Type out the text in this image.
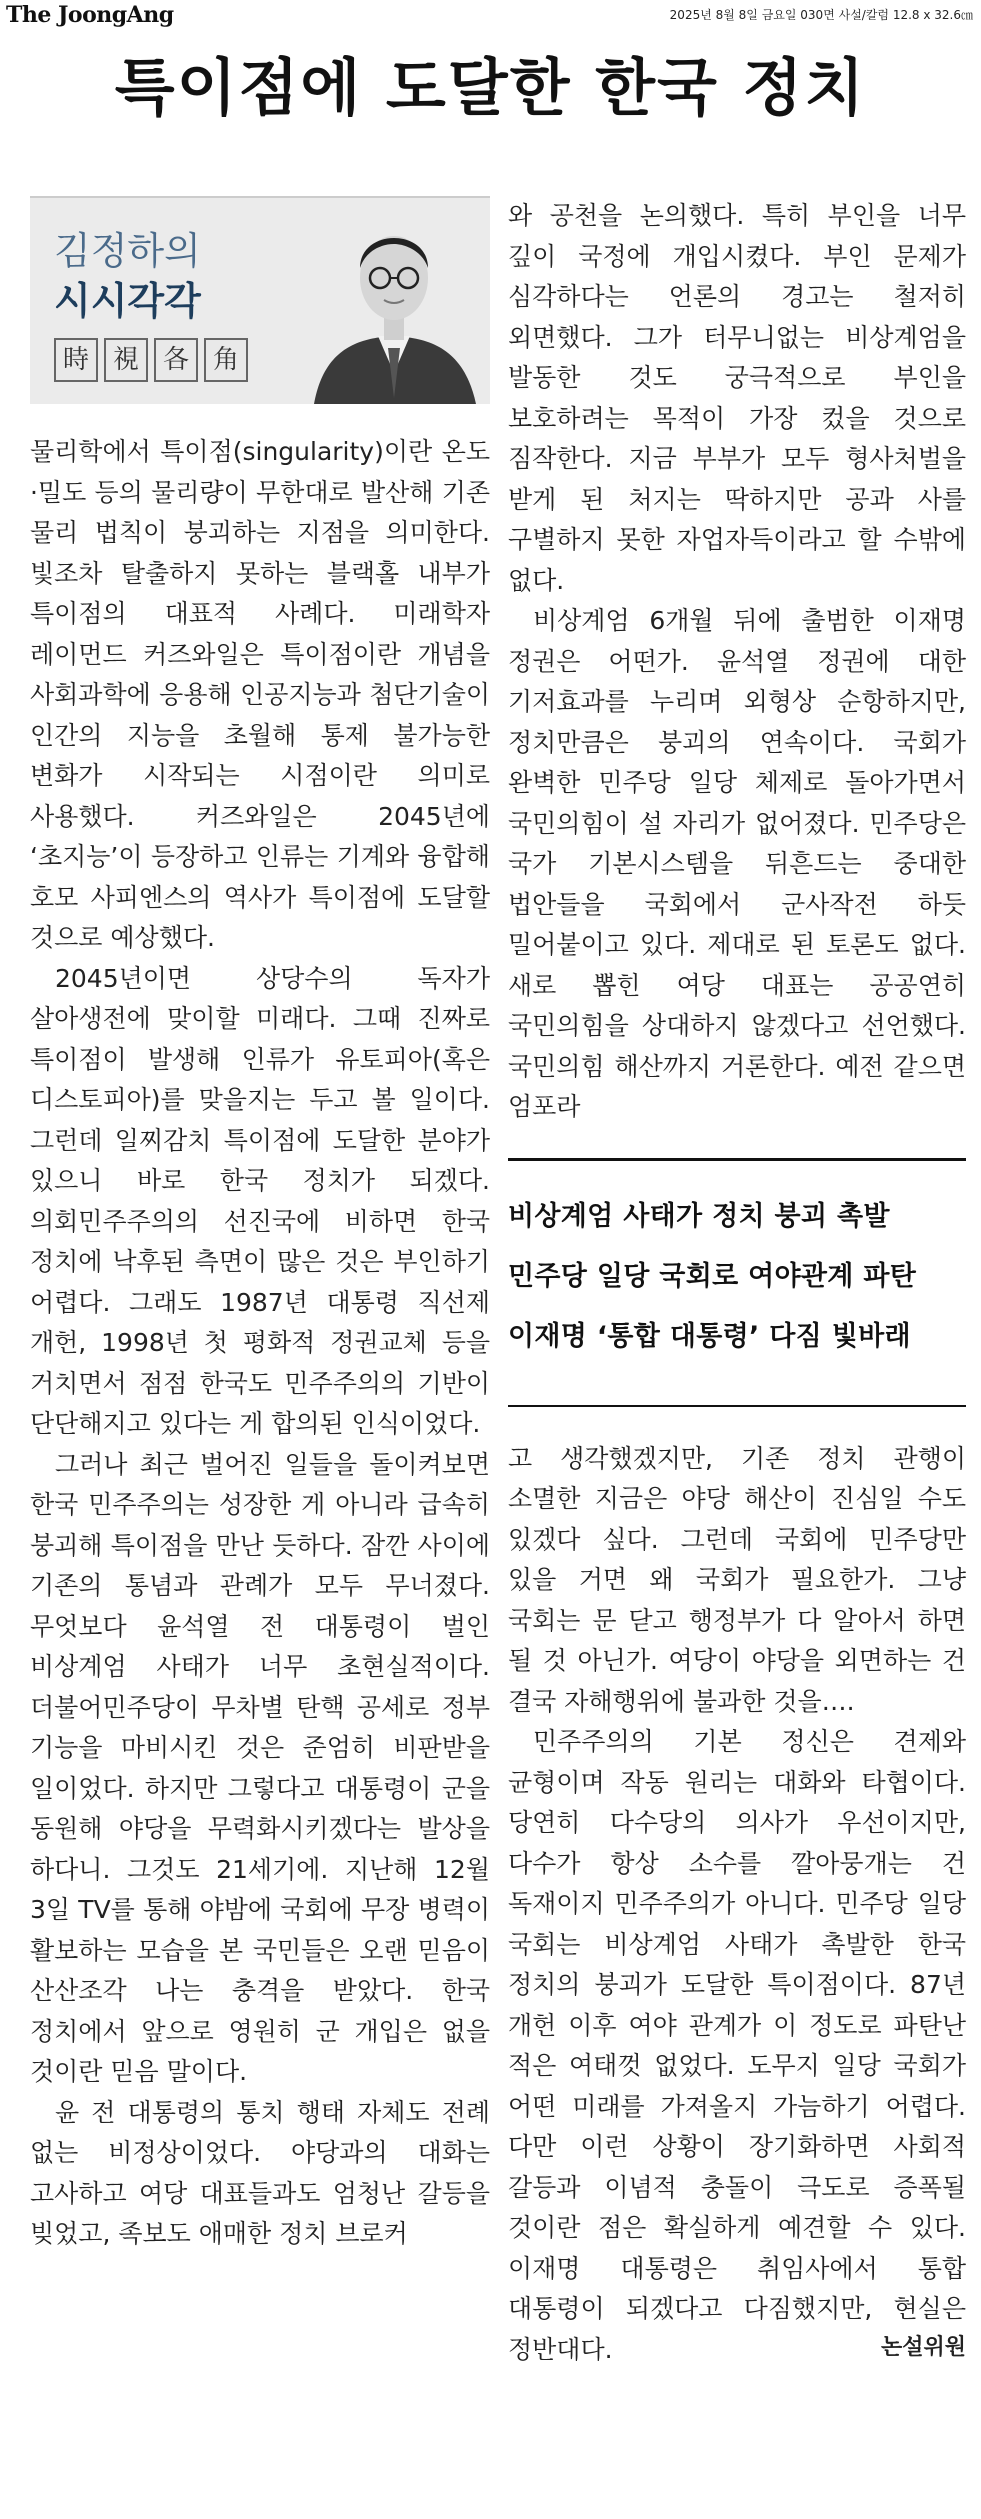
The JoongAng	2025년 8월 8일 금요일 030면 사설/칼럼 12.8 x 32.6㎝
특이점에 도달한 한국 정치
김정하의
시시각각
時 視 各 角

물리학에서 특이점(singularity)이란 온도·밀도 등의 물리량이 무한대로 발산해 기존 물리 법칙이 붕괴하는 지점을 의미한다. 빛조차 탈출하지 못하는 블랙홀 내부가 특이점의 대표적 사례다. 미래학자 레이먼드 커즈와일은 특이점이란 개념을 사회과학에 응용해 인공지능과 첨단기술이 인간의 지능을 초월해 통제 불가능한 변화가 시작되는 시점이란 의미로 사용했다. 커즈와일은 2045년에 ‘초지능’이 등장하고 인류는 기계와 융합해 호모 사피엔스의 역사가 특이점에 도달할 것으로 예상했다.

2045년이면 상당수의 독자가 살아생전에 맞이할 미래다. 그때 진짜로 특이점이 발생해 인류가 유토피아(혹은 디스토피아)를 맞을지는 두고 볼 일이다. 그런데 일찌감치 특이점에 도달한 분야가 있으니 바로 한국 정치가 되겠다. 의회민주주의의 선진국에 비하면 한국 정치에 낙후된 측면이 많은 것은 부인하기 어렵다. 그래도 1987년 대통령 직선제 개헌, 1998년 첫 평화적 정권교체 등을 거치면서 점점 한국도 민주주의의 기반이 단단해지고 있다는 게 합의된 인식이었다.

그러나 최근 벌어진 일들을 돌이켜보면 한국 민주주의는 성장한 게 아니라 급속히 붕괴해 특이점을 만난 듯하다. 잠깐 사이에 기존의 통념과 관례가 모두 무너졌다. 무엇보다 윤석열 전 대통령이 벌인 비상계엄 사태가 너무 초현실적이다. 더불어민주당이 무차별 탄핵 공세로 정부 기능을 마비시킨 것은 준엄히 비판받을 일이었다. 하지만 그렇다고 대통령이 군을 동원해 야당을 무력화시키겠다는 발상을 하다니. 그것도 21세기에. 지난해 12월 3일 TV를 통해 야밤에 국회에 무장 병력이 활보하는 모습을 본 국민들은 오랜 믿음이 산산조각 나는 충격을 받았다. 한국 정치에서 앞으로 영원히 군 개입은 없을 것이란 믿음 말이다.

윤 전 대통령의 통치 행태 자체도 전례 없는 비정상이었다. 야당과의 대화는 고사하고 여당 대표들과도 엄청난 갈등을 빚었고, 족보도 애매한 정치 브로커

와 공천을 논의했다. 특히 부인을 너무 깊이 국정에 개입시켰다. 부인 문제가 심각하다는 언론의 경고는 철저히 외면했다. 그가 터무니없는 비상계엄을 발동한 것도 궁극적으로 부인을 보호하려는 목적이 가장 컸을 것으로 짐작한다. 지금 부부가 모두 형사처벌을 받게 된 처지는 딱하지만 공과 사를 구별하지 못한 자업자득이라고 할 수밖에 없다.

비상계엄 6개월 뒤에 출범한 이재명 정권은 어떤가. 윤석열 정권에 대한 기저효과를 누리며 외형상 순항하지만, 정치만큼은 붕괴의 연속이다. 국회가 완벽한 민주당 일당 체제로 돌아가면서 국민의힘이 설 자리가 없어졌다. 민주당은 국가 기본시스템을 뒤흔드는 중대한 법안들을 국회에서 군사작전 하듯 밀어붙이고 있다. 제대로 된 토론도 없다. 새로 뽑힌 여당 대표는 공공연히 국민의힘을 상대하지 않겠다고 선언했다. 국민의힘 해산까지 거론한다. 예전 같으면 엄포라

비상계엄 사태가 정치 붕괴 촉발
민주당 일당 국회로 여야관계 파탄
이재명 ‘통합 대통령’ 다짐 빛바래

고 생각했겠지만, 기존 정치 관행이 소멸한 지금은 야당 해산이 진심일 수도 있겠다 싶다. 그런데 국회에 민주당만 있을 거면 왜 국회가 필요한가. 그냥 국회는 문 닫고 행정부가 다 알아서 하면 될 것 아닌가. 여당이 야당을 외면하는 건 결국 자해행위에 불과한 것을….

민주주의의 기본 정신은 견제와 균형이며 작동 원리는 대화와 타협이다. 당연히 다수당의 의사가 우선이지만, 다수가 항상 소수를 깔아뭉개는 건 독재이지 민주주의가 아니다. 민주당 일당 국회는 비상계엄 사태가 촉발한 한국 정치의 붕괴가 도달한 특이점이다. 87년 개헌 이후 여야 관계가 이 정도로 파탄난 적은 여태껏 없었다. 도무지 일당 국회가 어떤 미래를 가져올지 가늠하기 어렵다. 다만 이런 상황이 장기화하면 사회적 갈등과 이념적 충돌이 극도로 증폭될 것이란 점은 확실하게 예견할 수 있다. 이재명 대통령은 취임사에서 통합 대통령이 되겠다고 다짐했지만, 현실은 정반대다.	논설위원
